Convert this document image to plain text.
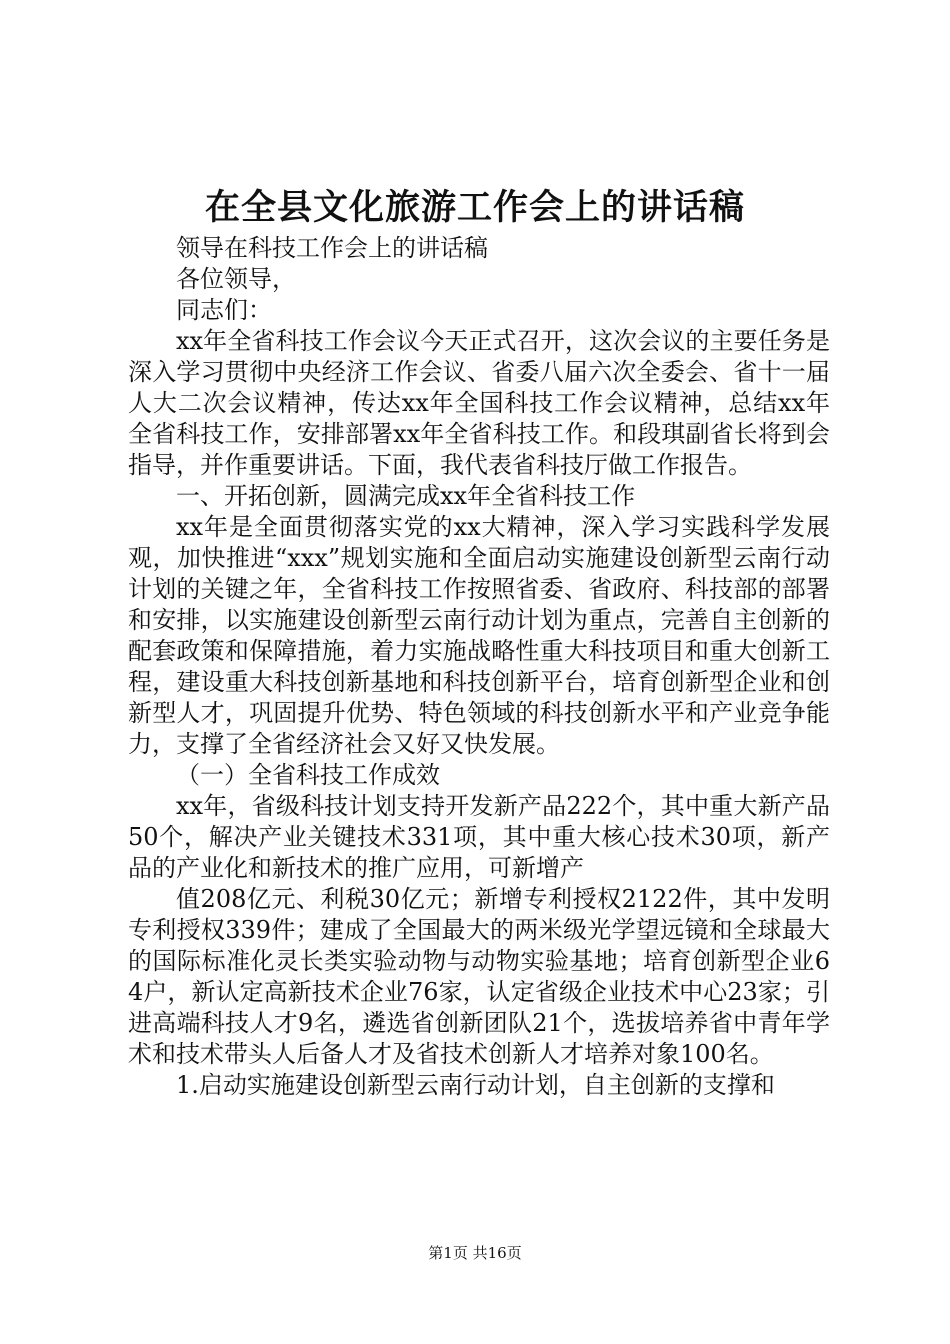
在全县文化旅游工作会上的讲话稿

领导在科技工作会上的讲话稿

各位领导，

同志们：

xx年全省科技工作会议今天正式召开，这次会议的主要任务是深入学习贯彻中央经济工作会议、省委八届六次全委会、省十一届人大二次会议精神，传达xx年全国科技工作会议精神，总结xx年全省科技工作，安排部署xx年全省科技工作。和段琪副省长将到会指导，并作重要讲话。下面，我代表省科技厅做工作报告。

一、开拓创新，圆满完成xx年全省科技工作

xx年是全面贯彻落实党的xx大精神，深入学习实践科学发展观，加快推进“xxx”规划实施和全面启动实施建设创新型云南行动计划的关键之年，全省科技工作按照省委、省政府、科技部的部署和安排，以实施建设创新型云南行动计划为重点，完善自主创新的配套政策和保障措施，着力实施战略性重大科技项目和重大创新工程，建设重大科技创新基地和科技创新平台，培育创新型企业和创新型人才，巩固提升优势、特色领域的科技创新水平和产业竞争能力，支撑了全省经济社会又好又快发展。

（一）全省科技工作成效

xx年，省级科技计划支持开发新产品222个，其中重大新产品50个，解决产业关键技术331项，其中重大核心技术30项，新产品的产业化和新技术的推广应用，可新增产

值208亿元、利税30亿元；新增专利授权2122件，其中发明专利授权339件；建成了全国最大的两米级光学望远镜和全球最大的国际标准化灵长类实验动物与动物实验基地；培育创新型企业64户，新认定高新技术企业76家，认定省级企业技术中心23家；引进高端科技人才9名，遴选省创新团队21个，选拔培养省中青年学术和技术带头人后备人才及省技术创新人才培养对象100名。

1.启动实施建设创新型云南行动计划，自主创新的支撑和

第1页 共16页
